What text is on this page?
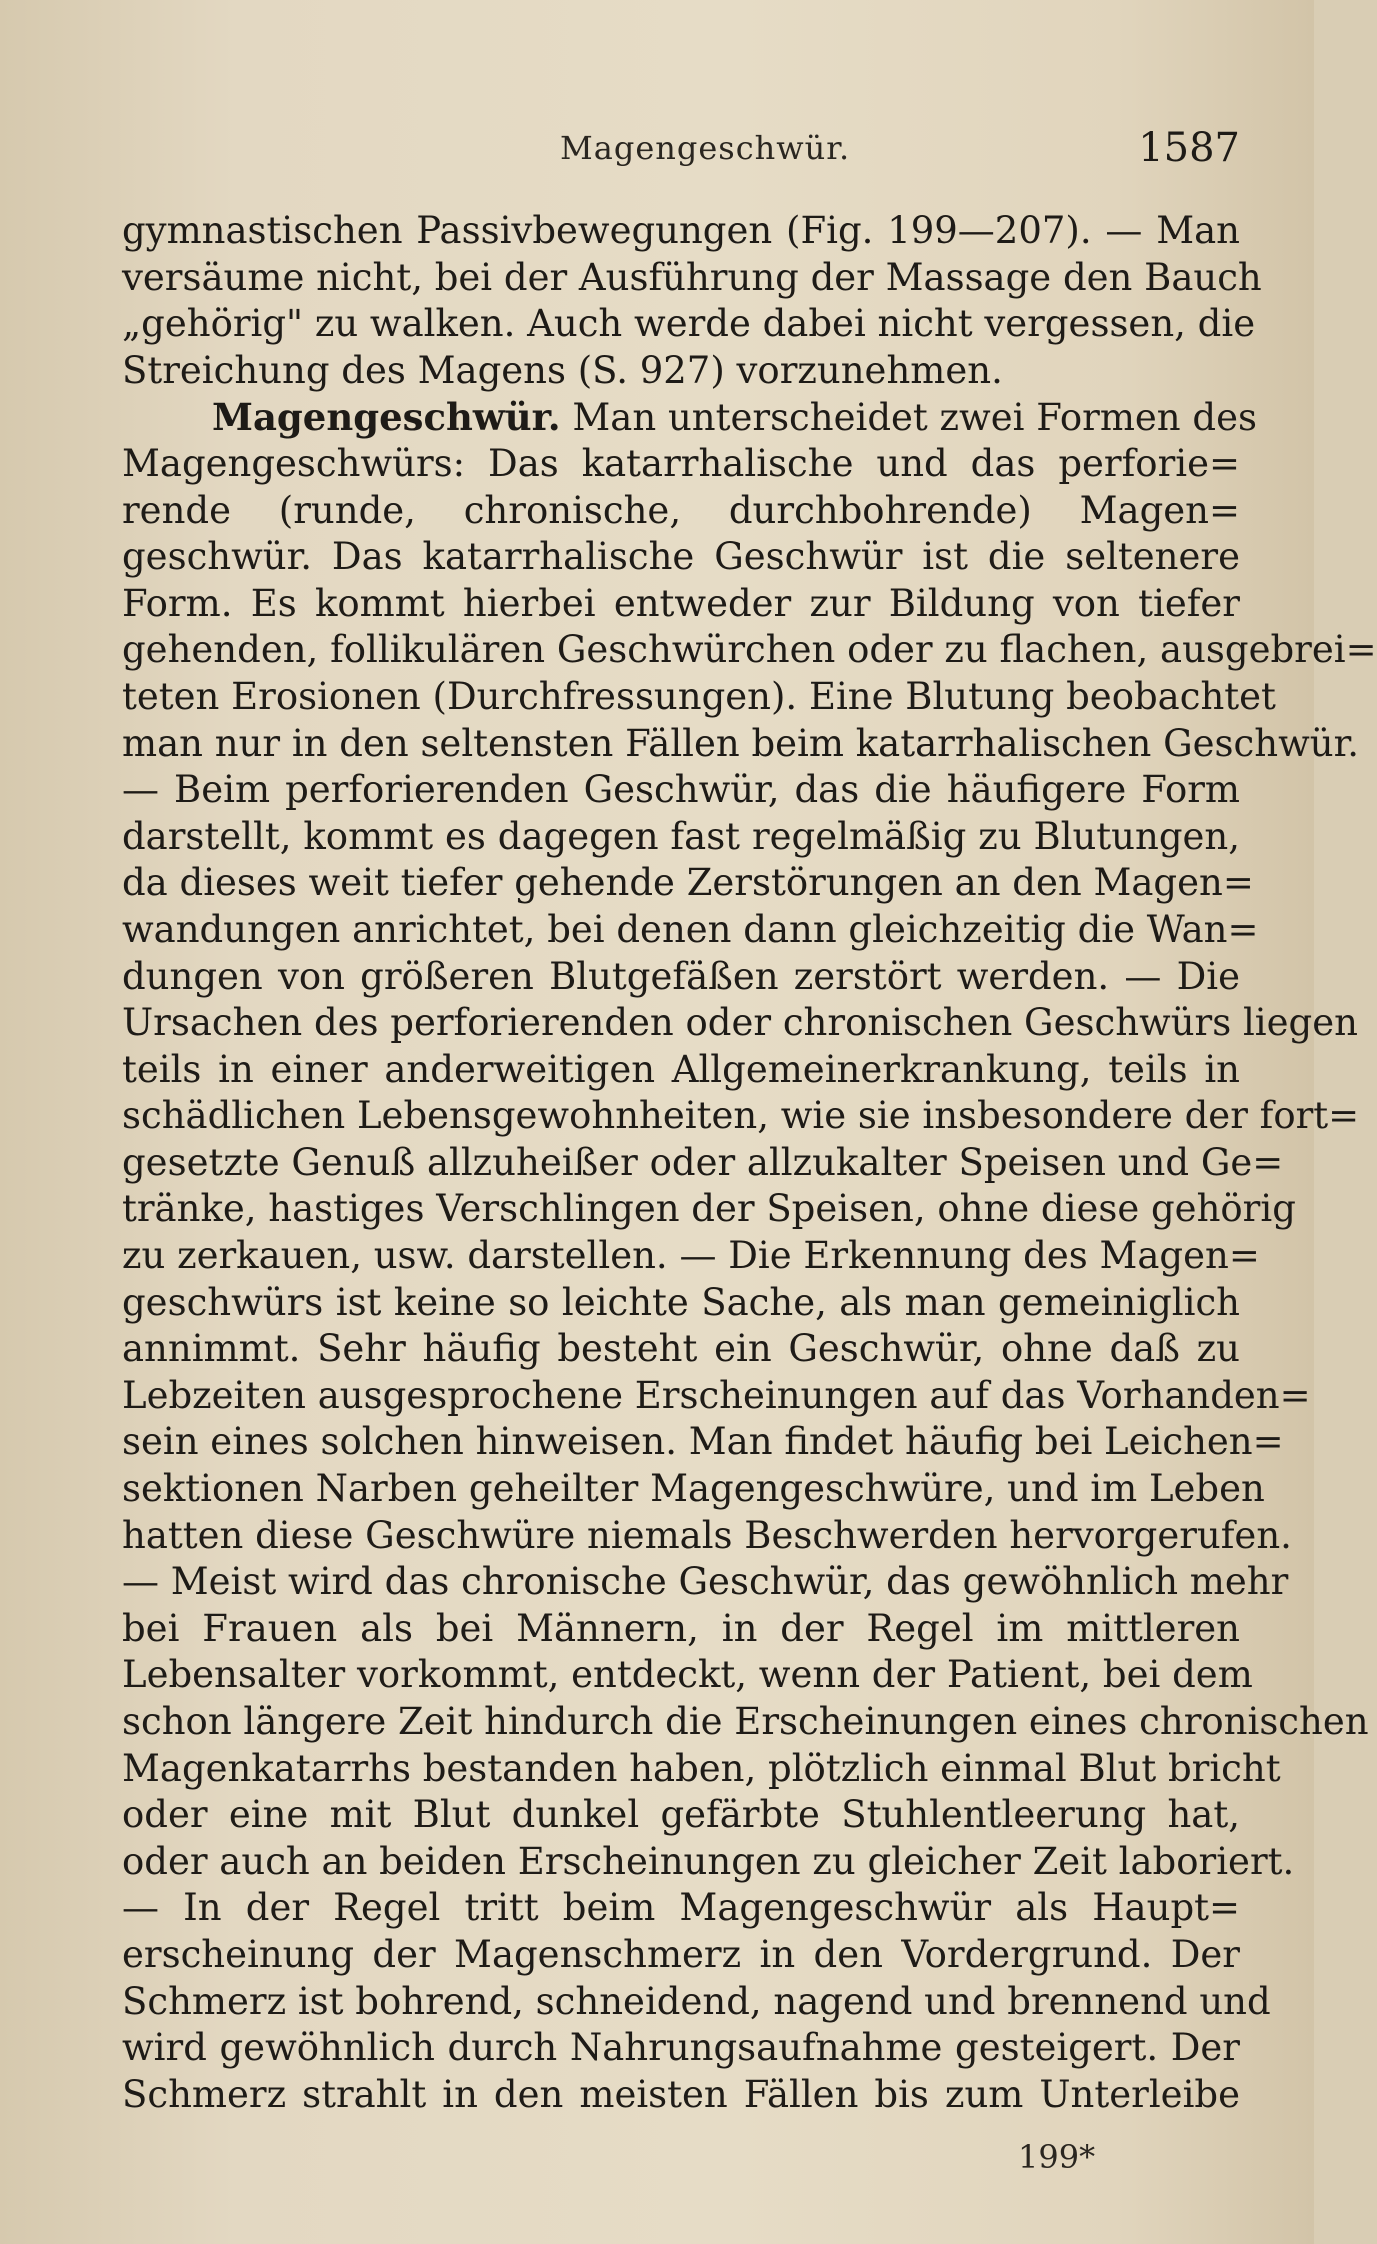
Magengeschwür.	1587
gymnastischen Passivbewegungen (Fig. 199—207). — Man
versäume nicht, bei der Ausführung der Massage den Bauch
„gehörig" zu walken. Auch werde dabei nicht vergessen, die
Streichung des Magens (S. 927) vorzunehmen.
Magengeschwür. Man unterscheidet zwei Formen des
Magengeschwürs: Das katarrhalische und das perforie=
rende (runde, chronische, durchbohrende) Magen=
geschwür. Das katarrhalische Geschwür ist die seltenere
Form. Es kommt hierbei entweder zur Bildung von tiefer
gehenden, follikulären Geschwürchen oder zu flachen, ausgebrei=
teten Erosionen (Durchfressungen). Eine Blutung beobachtet
man nur in den seltensten Fällen beim katarrhalischen Geschwür.
— Beim perforierenden Geschwür, das die häufigere Form
darstellt, kommt es dagegen fast regelmäßig zu Blutungen,
da dieses weit tiefer gehende Zerstörungen an den Magen=
wandungen anrichtet, bei denen dann gleichzeitig die Wan=
dungen von größeren Blutgefäßen zerstört werden. — Die
Ursachen des perforierenden oder chronischen Geschwürs liegen
teils in einer anderweitigen Allgemeinerkrankung, teils in
schädlichen Lebensgewohnheiten, wie sie insbesondere der fort=
gesetzte Genuß allzuheißer oder allzukalter Speisen und Ge=
tränke, hastiges Verschlingen der Speisen, ohne diese gehörig
zu zerkauen, usw. darstellen. — Die Erkennung des Magen=
geschwürs ist keine so leichte Sache, als man gemeiniglich
annimmt. Sehr häufig besteht ein Geschwür, ohne daß zu
Lebzeiten ausgesprochene Erscheinungen auf das Vorhanden=
sein eines solchen hinweisen. Man findet häufig bei Leichen=
sektionen Narben geheilter Magengeschwüre, und im Leben
hatten diese Geschwüre niemals Beschwerden hervorgerufen.
— Meist wird das chronische Geschwür, das gewöhnlich mehr
bei Frauen als bei Männern, in der Regel im mittleren
Lebensalter vorkommt, entdeckt, wenn der Patient, bei dem
schon längere Zeit hindurch die Erscheinungen eines chronischen
Magenkatarrhs bestanden haben, plötzlich einmal Blut bricht
oder eine mit Blut dunkel gefärbte Stuhlentleerung hat,
oder auch an beiden Erscheinungen zu gleicher Zeit laboriert.
— In der Regel tritt beim Magengeschwür als Haupt=
erscheinung der Magenschmerz in den Vordergrund. Der
Schmerz ist bohrend, schneidend, nagend und brennend und
wird gewöhnlich durch Nahrungsaufnahme gesteigert. Der
Schmerz strahlt in den meisten Fällen bis zum Unterleibe
199*
